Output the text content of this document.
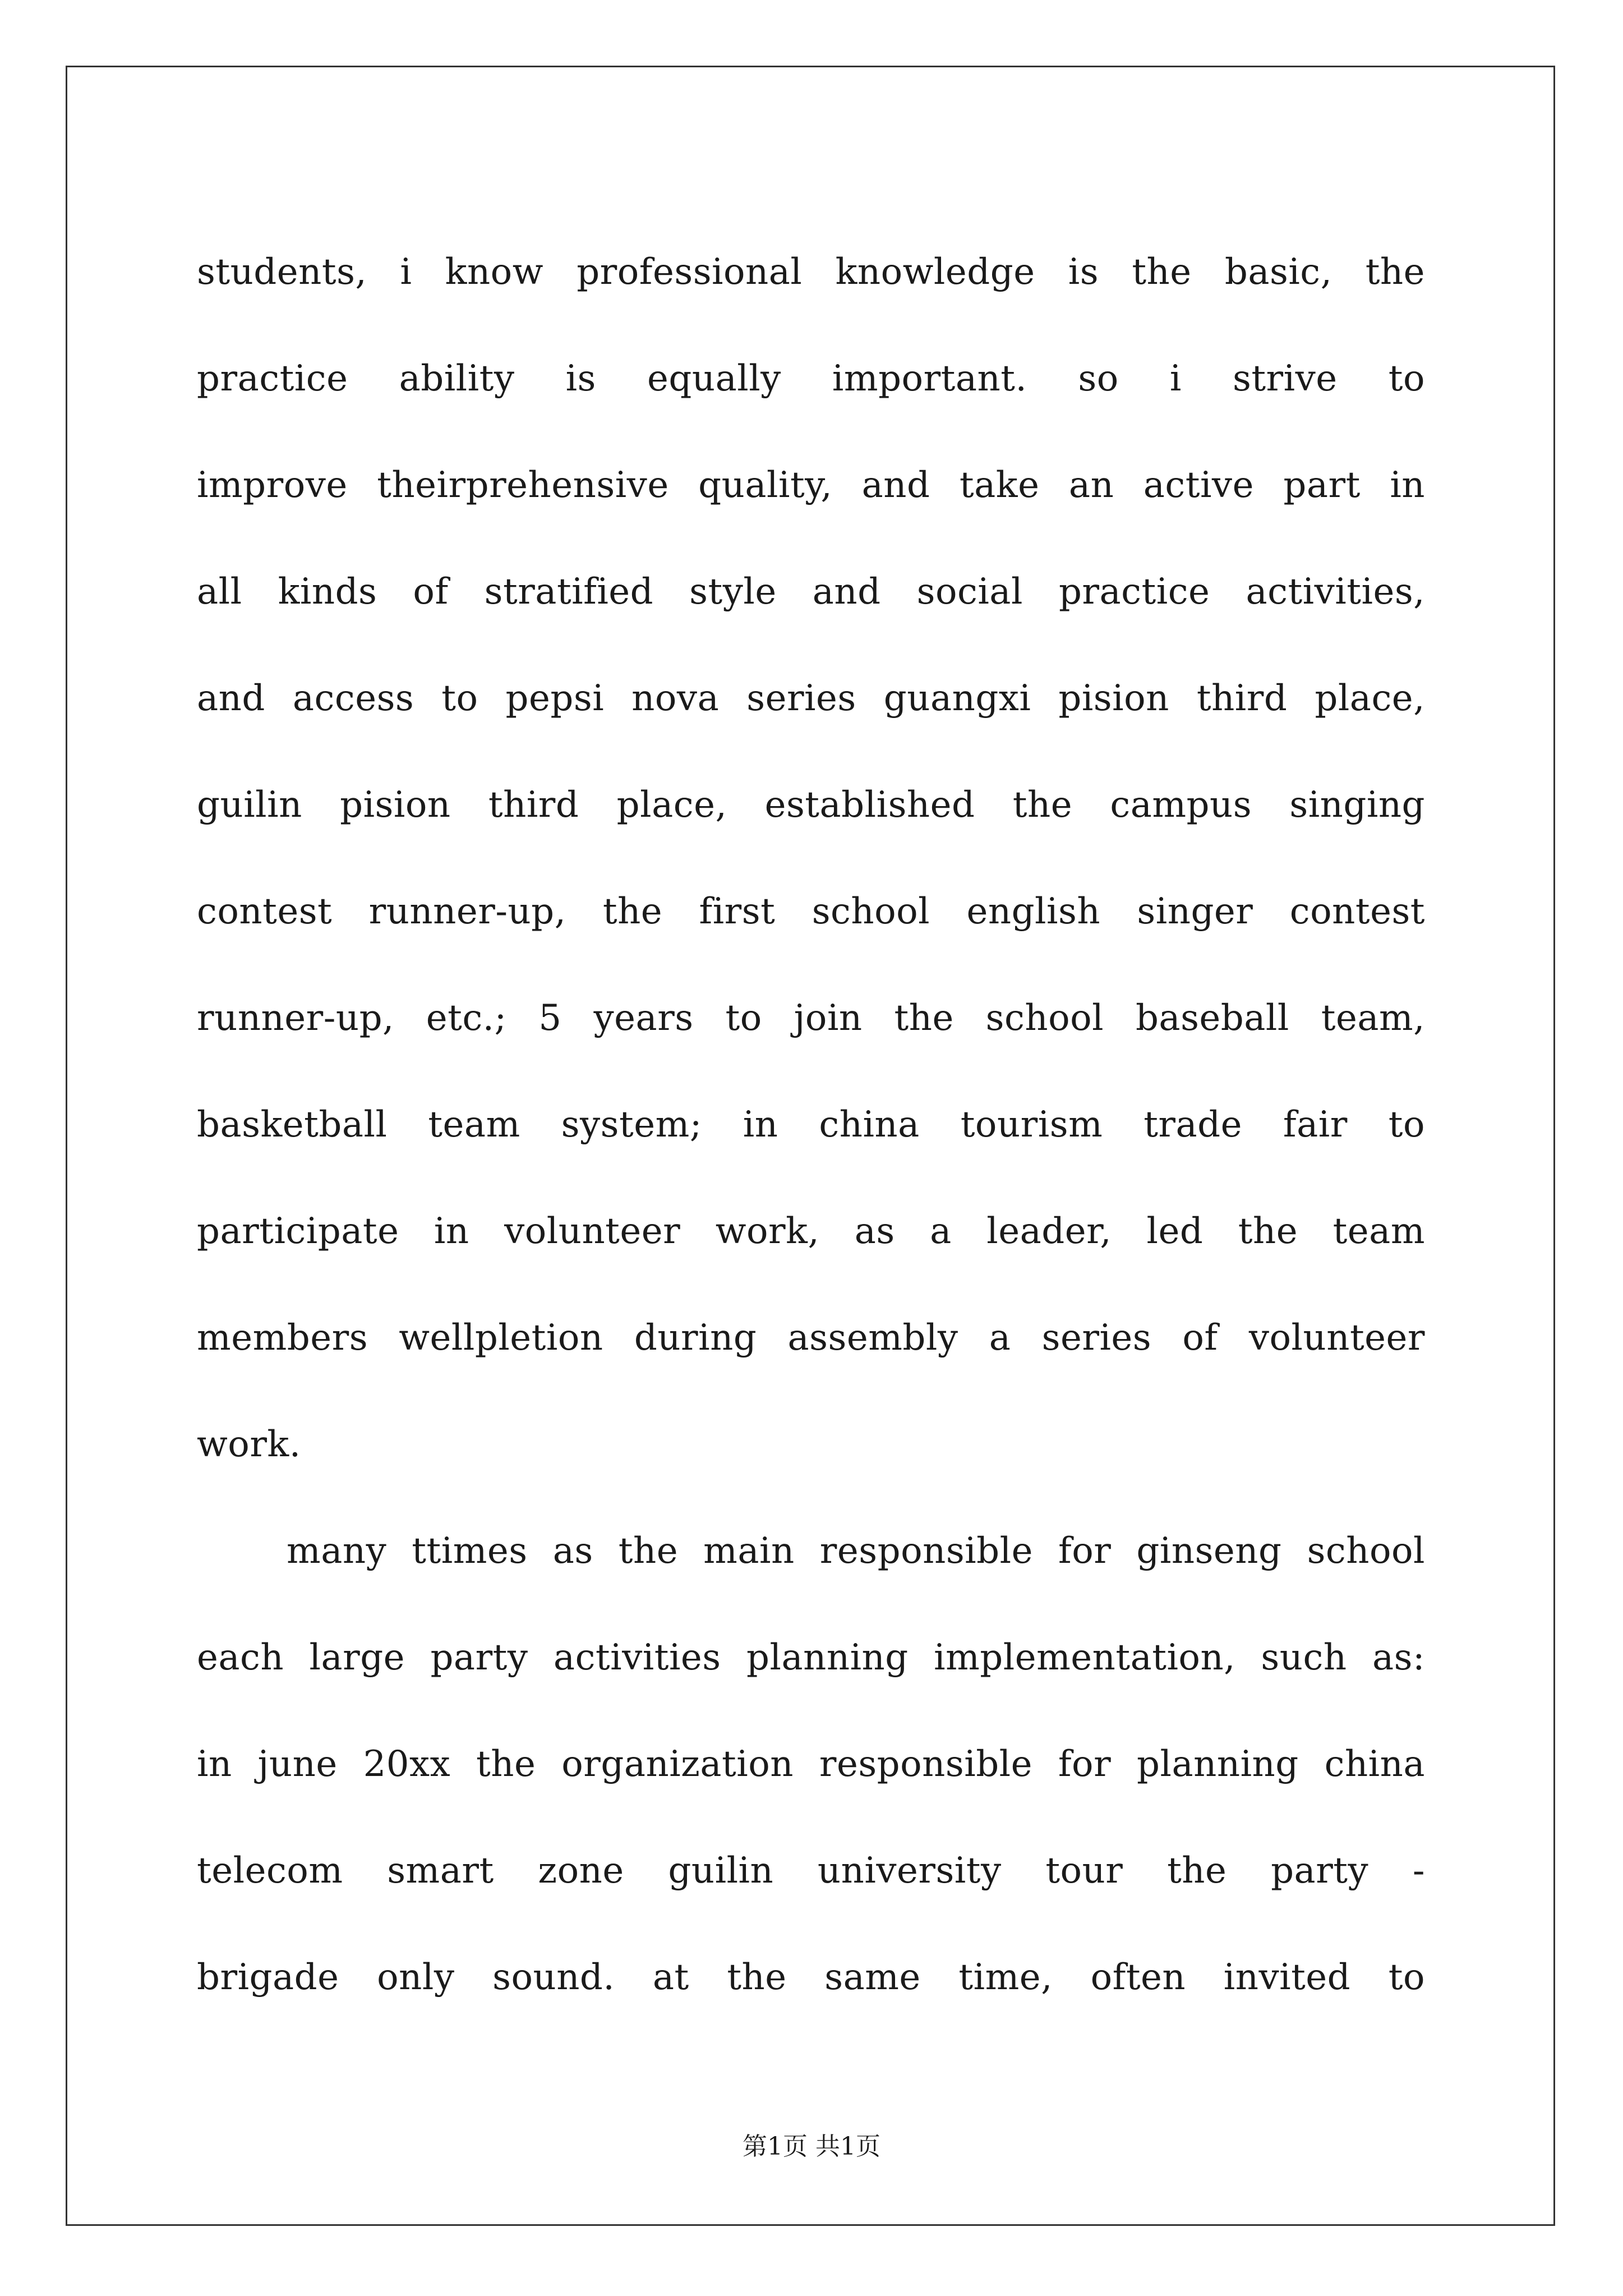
students, i know professional knowledge is the basic, the
practice ability is equally important. so i strive to
improve theirprehensive quality, and take an active part in
all kinds of stratified style and social practice activities,
and access to pepsi nova series guangxi pision third place,
guilin pision third place, established the campus singing
contest runner-up, the first school english singer contest
runner-up, etc.; 5 years to join the school baseball team,
basketball team system; in china tourism trade fair to
participate in volunteer work, as a leader, led the team
members wellpletion during assembly a series of volunteer
work.
many ttimes as the main responsible for ginseng school
each large party activities planning implementation, such as:
in june 20xx the organization responsible for planning china
telecom smart zone guilin university tour the party -
brigade only sound. at the same time, often invited to
第1页 共1页
